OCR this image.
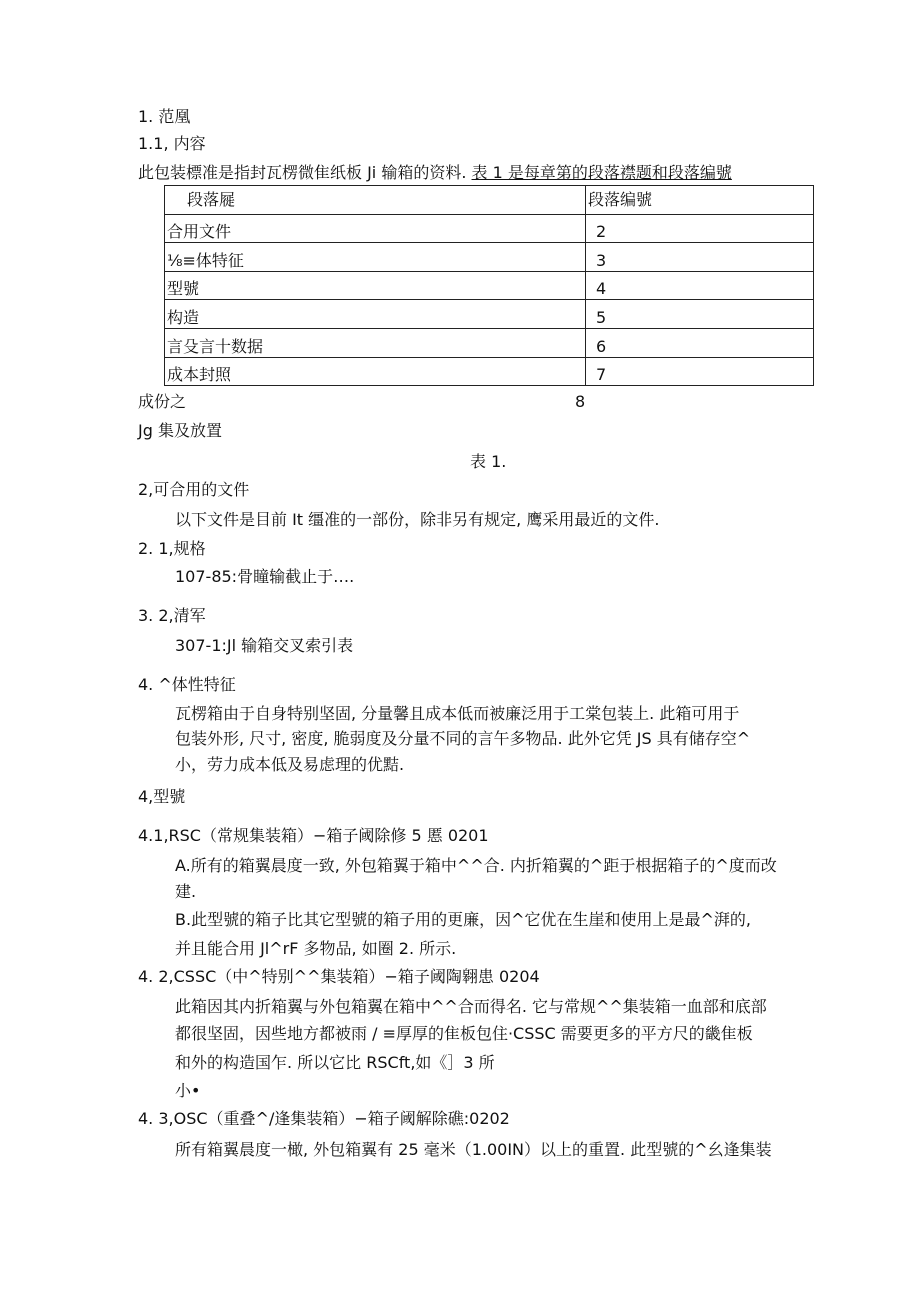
1. 范凰
1.1, 内容
此包装標准是指封瓦楞微隹纸板 Ji 输箱的资料. 表 1 是每章第的段落襟题和段落编號
段落屣	段落编號
合用文件	2
⅛≡体特征	3
型號	4
构造	5
言殳言十数据	6
成本封照	7
成份之	8
Jg 集及放置
表 1.
2,可合用的文件
以下文件是目前 It 缰准的一部份，除非另有规定, 鹰采用最近的文件.
2. 1,规格
107-85:骨瞳输截止于….
3. 2,清军
307-1:Jl 输箱交叉索引表
4. ^体性特征
瓦楞箱由于自身特别坚固, 分量馨且成本低而被廉泛用于工棠包装上. 此箱可用于
包装外形, 尺寸, 密度, 脆弱度及分量不同的言午多物品. 此外它凭 JS 具有储存空^
小，劳力成本低及易虑理的优黠.
4,型號
4.1,RSC（常规集装箱）−箱子阈除修 5 慝 0201
A.所有的箱翼晨度一致, 外包箱翼于箱中^^合. 内折箱翼的^距于根据箱子的^度而改
建.
B.此型號的箱子比其它型號的箱子用的更廉，因^它优在生崖和使用上是最^湃的,
并且能合用 Jl^rF 多物品, 如圈 2. 所示.
4. 2,CSSC（中^特别^^集装箱）−箱子阈陶翱患 0204
此箱因其内折箱翼与外包箱翼在箱中^^合而得名. 它与常规^^集装箱一血部和底部
都很坚固，因些地方都被雨 / ≡厚厚的隹板包住·CSSC 需要更多的平方尺的畿隹板
和外的构造国乍. 所以它比 RSCft,如《］3 所
小•
4. 3,OSC（重叠^/逢集装箱）−箱子阈解除礁:0202
所有箱翼晨度一橄, 外包箱翼有 25 毫米（1.00IN）以上的重置. 此型號的^幺逢集装
